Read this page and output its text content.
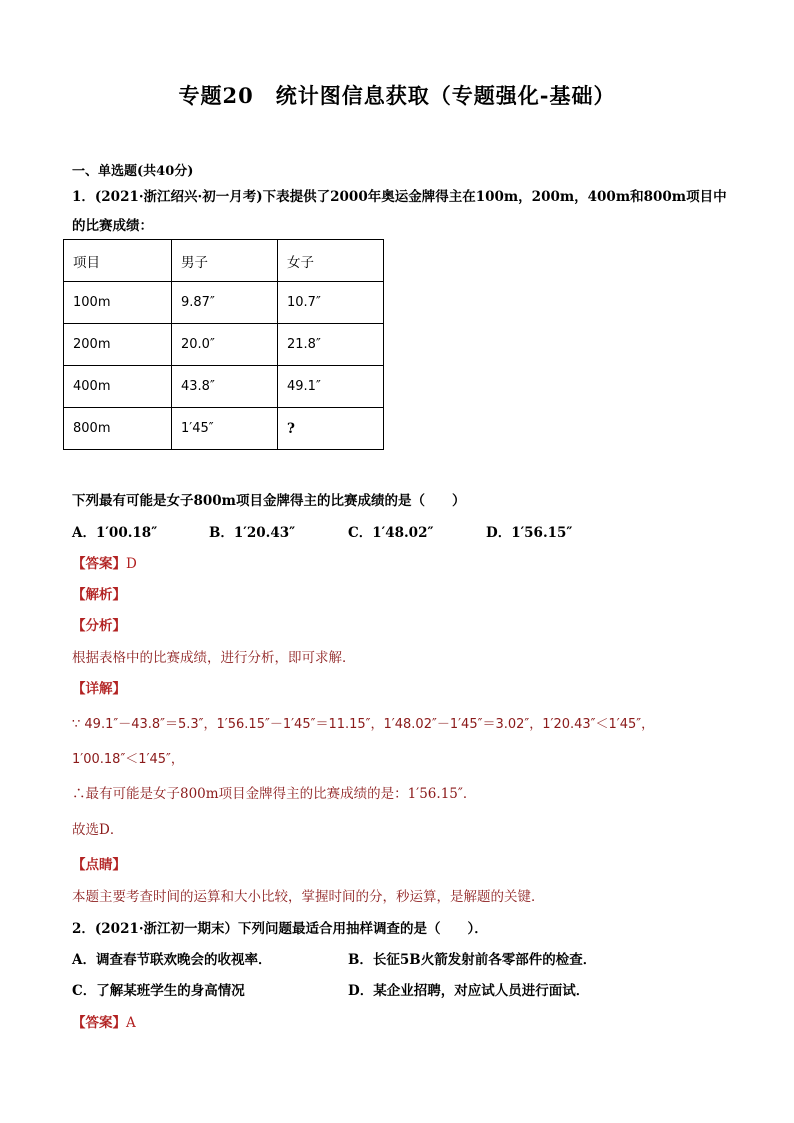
专题20　统计图信息获取（专题强化-基础）
一、单选题(共40分)
1．(2021·浙江绍兴·初一月考)下表提供了2000年奥运金牌得主在100m，200m，400m和800m项目中
的比赛成绩：
项目	男子	女子
100m	9.87″	10.7″
200m	20.0″	21.8″
400m	43.8″	49.1″
800m	1′45″	?
下列最有可能是女子800m项目金牌得主的比赛成绩的是（　　）
A．1′00.18″	B．1′20.43″	C．1′48.02″	D．1′56.15″
【答案】D
【解析】
【分析】
根据表格中的比赛成绩，进行分析，即可求解．
【详解】
∵ 49.1″－43.8″＝5.3″，1′56.15″－1′45″＝11.15″，1′48.02″－1′45″＝3.02″，1′20.43″＜1′45″，
1′00.18″＜1′45″，
∴最有可能是女子800m项目金牌得主的比赛成绩的是：1′56.15″．
故选D．
【点睛】
本题主要考查时间的运算和大小比较，掌握时间的分，秒运算，是解题的关键．
2．(2021·浙江初一期末）下列问题最适合用抽样调查的是（　　）．
A．调查春节联欢晚会的收视率．	B．长征5B火箭发射前各零部件的检查．
C．了解某班学生的身高情况	D．某企业招聘，对应试人员进行面试．
【答案】A
